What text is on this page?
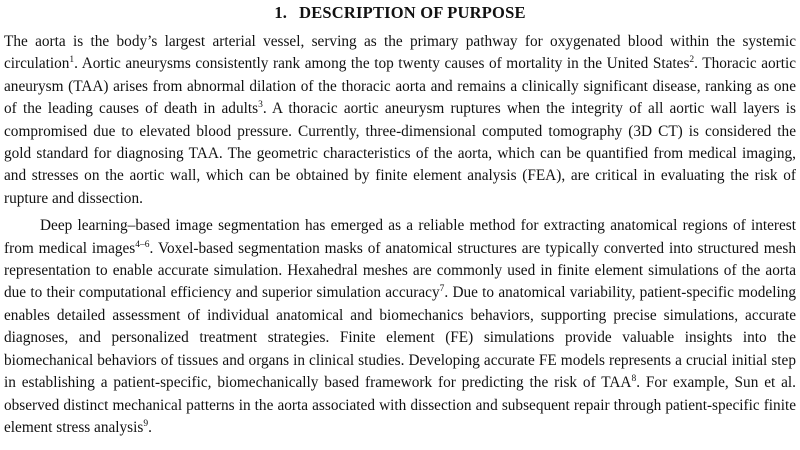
1. DESCRIPTION OF PURPOSE

The aorta is the body’s largest arterial vessel, serving as the primary pathway for oxygenated blood within the systemic circulation$^1$. Aortic aneurysms consistently rank among the top twenty causes of mortality in the United States$^2$. Thoracic aortic aneurysm (TAA) arises from abnormal dilation of the thoracic aorta and remains a clinically significant disease, ranking as one of the leading causes of death in adults$^3$. A thoracic aortic aneurysm ruptures when the integrity of all aortic wall layers is compromised due to elevated blood pressure. Currently, three-dimensional computed tomography (3D CT) is considered the gold standard for diagnosing TAA. The geometric characteristics of the aorta, which can be quantified from medical imaging, and stresses on the aortic wall, which can be obtained by finite element analysis (FEA), are critical in evaluating the risk of rupture and dissection.

Deep learning–based image segmentation has emerged as a reliable method for extracting anatomical regions of interest from medical images$^{4-6}$. Voxel-based segmentation masks of anatomical structures are typically converted into structured mesh representation to enable accurate simulation. Hexahedral meshes are commonly used in finite element simulations of the aorta due to their computational efficiency and superior simulation accuracy$^7$. Due to anatomical variability, patient-specific modeling enables detailed assessment of individual anatomical and biomechanics behaviors, supporting precise simulations, accurate diagnoses, and personalized treatment strategies. Finite element (FE) simulations provide valuable insights into the biomechanical behaviors of tissues and organs in clinical studies. Developing accurate FE models represents a crucial initial step in establishing a patient-specific, biomechanically based framework for predicting the risk of TAA$^8$. For example, Sun et al. observed distinct mechanical patterns in the aorta associated with dissection and subsequent repair through patient-specific finite element stress analysis$^9$.
